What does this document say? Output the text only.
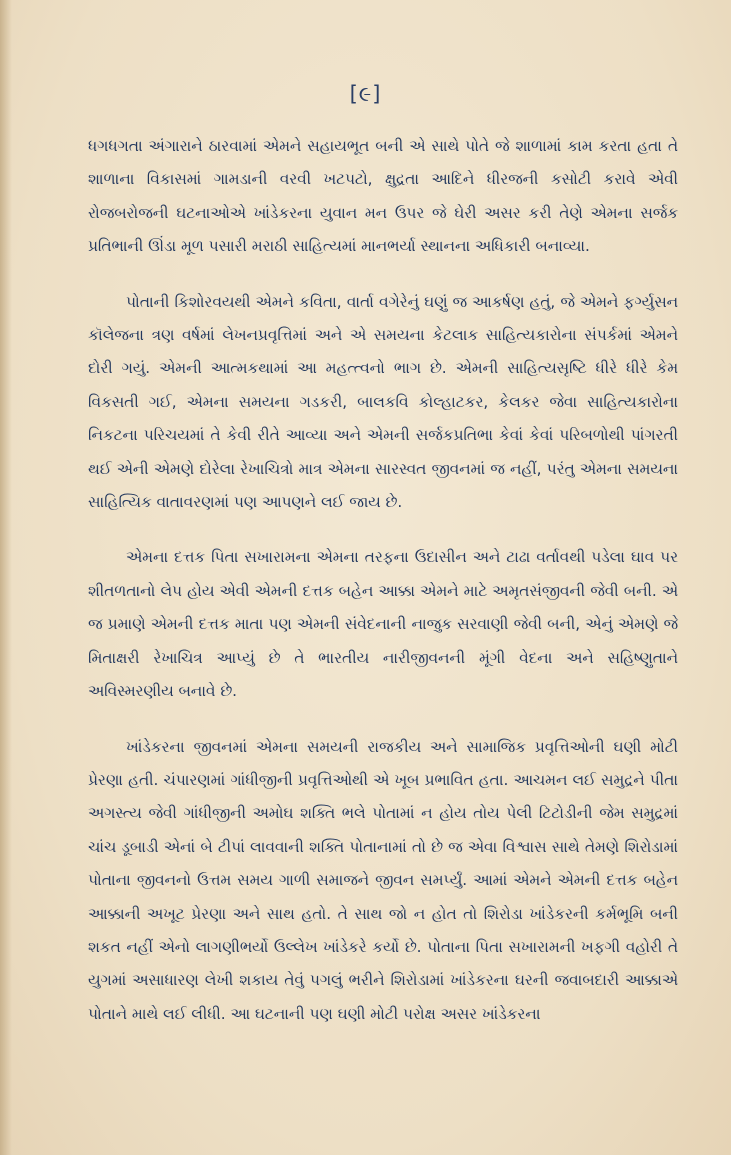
[૯]

ધગધગતા અંગારાને ઠારવામાં એમને સહાયભૂત બની એ સાથે પોતે જે શાળામાં કામ કરતા હતા તે શાળાના વિકાસમાં ગામડાની વરવી ખટપટો, ક્ષુદ્રતા આદિને ધીરજની કસોટી કરાવે એવી રોજબરોજની ઘટનાઓએ ખાંડેકરના યુવાન મન ઉપર જે ઘેરી અસર કરી તેણે એમના સર્જક પ્રતિભાની ઊંડા મૂળ પસારી મરાઠી સાહિત્યમાં માનભર્યા સ્થાનના અધિકારી બનાવ્યા.

પોતાની કિશોરવયથી એમને કવિતા, વાર્તા વગેરેનું ઘણું જ આકર્ષણ હતું, જે એમને ફર્ગ્યુસન કૉલેજના ત્રણ વર્ષમાં લેખનપ્રવૃત્તિમાં અને એ સમયના કેટલાક સાહિત્યકારોના સંપર્કમાં એમને દોરી ગયું. એમની આત્મકથામાં આ મહત્ત્વનો ભાગ છે. એમની સાહિત્યસૃષ્ટિ ધીરે ધીરે કેમ વિકસતી ગઈ, એમના સમયના ગડકરી, બાલકવિ કોલ્હાટકર, કેલકર જેવા સાહિત્યકારોના નિકટના પરિચયમાં તે કેવી રીતે આવ્યા અને એમની સર્જકપ્રતિભા કેવાં કેવાં પરિબળોથી પાંગરતી થઈ એની એમણે દોરેલા રેખાચિત્રો માત્ર એમના સારસ્વત જીવનમાં જ નહીં, પરંતુ એમના સમયના સાહિત્યિક વાતાવરણમાં પણ આપણને લઈ જાય છે.

એમના દત્તક પિતા સખારામના એમના તરફના ઉદાસીન અને ટાઢા વર્તાવથી પડેલા ઘાવ પર શીતળતાનો લેપ હોય એવી એમની દત્તક બહેન આક્કા એમને માટે અમૃતસંજીવની જેવી બની. એ જ પ્રમાણે એમની દત્તક માતા પણ એમની સંવેદનાની નાજુક સરવાણી જેવી બની, એનું એમણે જે મિતાક્ષરી રેખાચિત્ર આપ્યું છે તે ભારતીય નારીજીવનની મૂંગી વેદના અને સહિષ્ણુતાને અવિસ્મરણીય બનાવે છે.

ખાંડેકરના જીવનમાં એમના સમયની રાજકીય અને સામાજિક પ્રવૃત્તિઓની ઘણી મોટી પ્રેરણા હતી. ચંપારણમાં ગાંધીજીની પ્રવૃત્તિઓથી એ ખૂબ પ્રભાવિત હતા. આચમન લઈ સમુદ્રને પીતા અગસ્ત્ય જેવી ગાંધીજીની અમોઘ શક્તિ ભલે પોતામાં ન હોય તોય પેલી ટિટોડીની જેમ સમુદ્રમાં ચાંચ ડૂબાડી એનાં બે ટીપાં લાવવાની શક્તિ પોતાનામાં તો છે જ એવા વિશ્વાસ સાથે તેમણે શિરોડામાં પોતાના જીવનનો ઉત્તમ સમય ગાળી સમાજને જીવન સમર્પ્યું. આમાં એમને એમની દત્તક બહેન આક્કાની અખૂટ પ્રેરણા અને સાથ હતો. તે સાથ જો ન હોત તો શિરોડા ખાંડેકરની કર્મભૂમિ બની શકત નહીં એનો લાગણીભર્યો ઉલ્લેખ ખાંડેકરે કર્યો છે. પોતાના પિતા સખારામની ખફગી વહોરી તે યુગમાં અસાધારણ લેખી શકાય તેવું પગલું ભરીને શિરોડામાં ખાંડેકરના ઘરની જવાબદારી આક્કાએ પોતાને માથે લઈ લીધી. આ ઘટનાની પણ ઘણી મોટી પરોક્ષ અસર ખાંડેકરના
